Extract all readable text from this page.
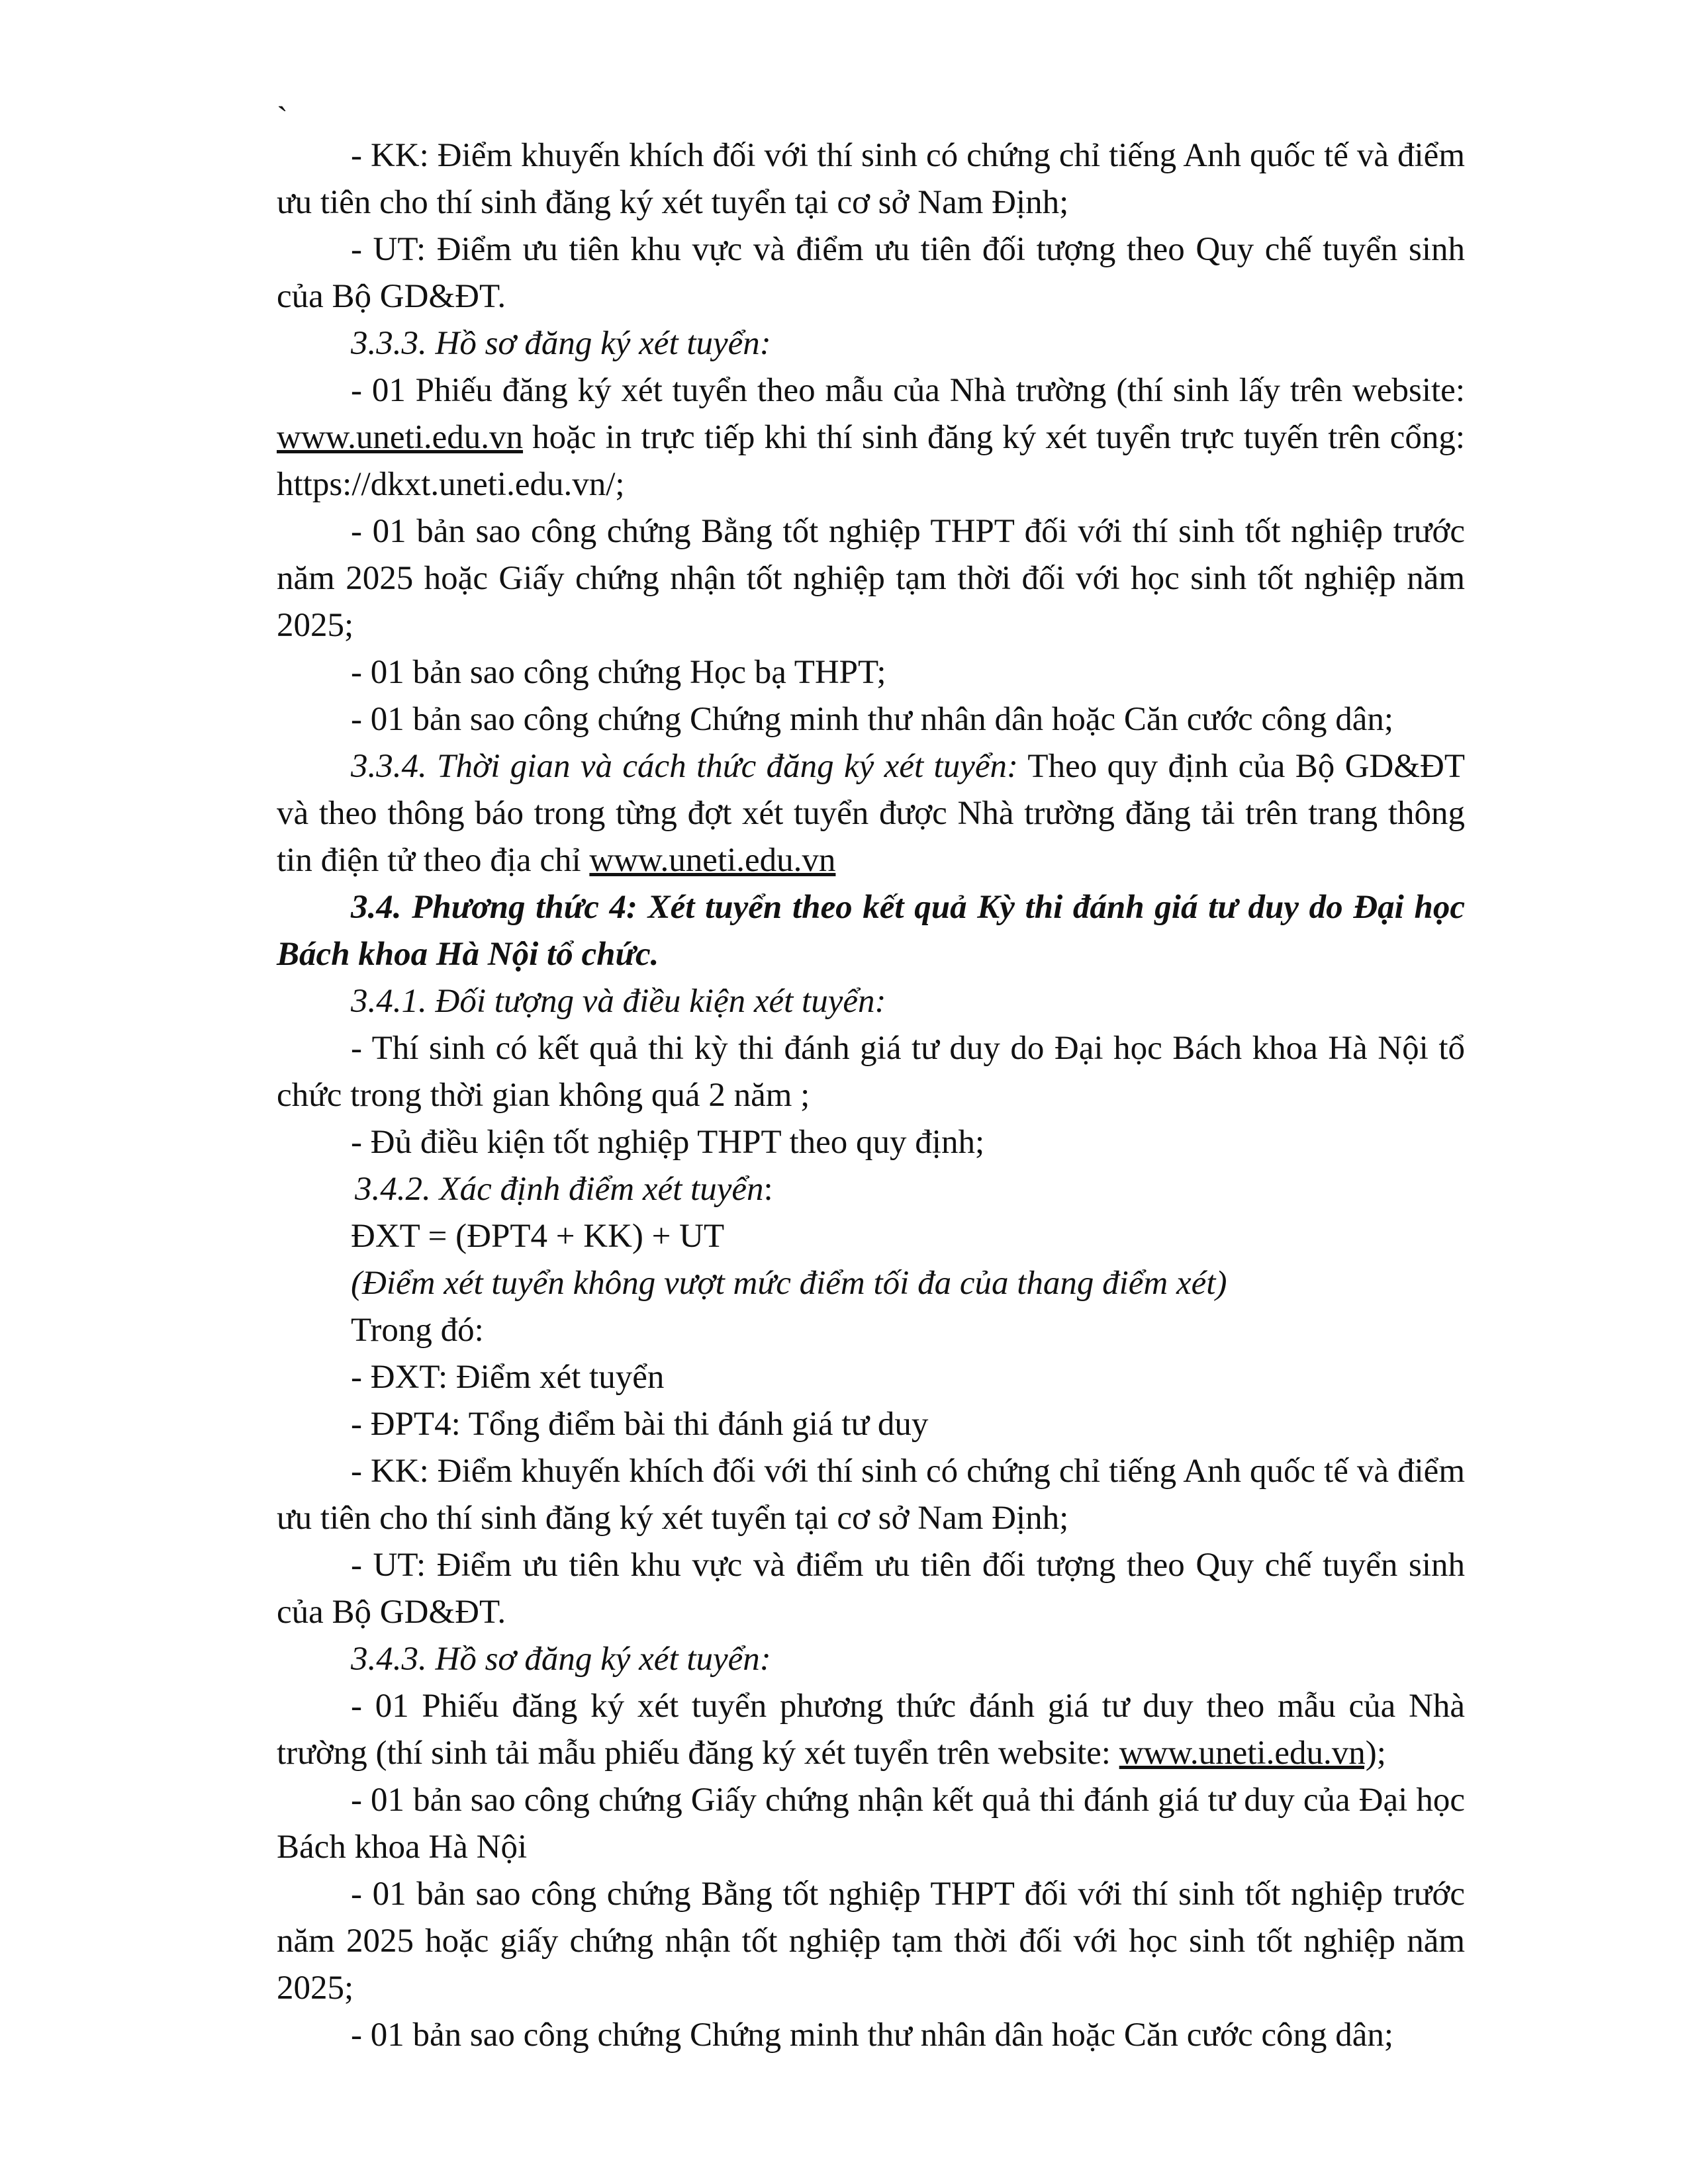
`

- KK: Điểm khuyến khích đối với thí sinh có chứng chỉ tiếng Anh quốc tế và điểm ưu tiên cho thí sinh đăng ký xét tuyển tại cơ sở Nam Định;

- UT: Điểm ưu tiên khu vực và điểm ưu tiên đối tượng theo Quy chế tuyển sinh của Bộ GD&ĐT.

3.3.3. Hồ sơ đăng ký xét tuyển:

- 01 Phiếu đăng ký xét tuyển theo mẫu của Nhà trường (thí sinh lấy trên website: www.uneti.edu.vn hoặc in trực tiếp khi thí sinh đăng ký xét tuyển trực tuyến trên cổng: https://dkxt.uneti.edu.vn/;

- 01 bản sao công chứng Bằng tốt nghiệp THPT đối với thí sinh tốt nghiệp trước năm 2025 hoặc Giấy chứng nhận tốt nghiệp tạm thời đối với học sinh tốt nghiệp năm 2025;

- 01 bản sao công chứng Học bạ THPT;

- 01 bản sao công chứng Chứng minh thư nhân dân hoặc Căn cước công dân;

3.3.4. Thời gian và cách thức đăng ký xét tuyển: Theo quy định của Bộ GD&ĐT và theo thông báo trong từng đợt xét tuyển được Nhà trường đăng tải trên trang thông tin điện tử theo địa chỉ www.uneti.edu.vn

3.4. Phương thức 4: Xét tuyển theo kết quả Kỳ thi đánh giá tư duy do Đại học Bách khoa Hà Nội tổ chức.

3.4.1. Đối tượng và điều kiện xét tuyển:

- Thí sinh có kết quả thi kỳ thi đánh giá tư duy do Đại học Bách khoa Hà Nội tổ chức trong thời gian không quá 2 năm ;

- Đủ điều kiện tốt nghiệp THPT theo quy định;

3.4.2. Xác định điểm xét tuyển:

ĐXT = (ĐPT4 + KK) + UT

(Điểm xét tuyển không vượt mức điểm tối đa của thang điểm xét)

Trong đó:

- ĐXT: Điểm xét tuyển

- ĐPT4: Tổng điểm bài thi đánh giá tư duy

- KK: Điểm khuyến khích đối với thí sinh có chứng chỉ tiếng Anh quốc tế và điểm ưu tiên cho thí sinh đăng ký xét tuyển tại cơ sở Nam Định;

- UT: Điểm ưu tiên khu vực và điểm ưu tiên đối tượng theo Quy chế tuyển sinh của Bộ GD&ĐT.

3.4.3. Hồ sơ đăng ký xét tuyển:

- 01 Phiếu đăng ký xét tuyển phương thức đánh giá tư duy theo mẫu của Nhà trường (thí sinh tải mẫu phiếu đăng ký xét tuyển trên website: www.uneti.edu.vn);

- 01 bản sao công chứng Giấy chứng nhận kết quả thi đánh giá tư duy của Đại học Bách khoa Hà Nội

- 01 bản sao công chứng Bằng tốt nghiệp THPT đối với thí sinh tốt nghiệp trước năm 2025 hoặc giấy chứng nhận tốt nghiệp tạm thời đối với học sinh tốt nghiệp năm 2025;

- 01 bản sao công chứng Chứng minh thư nhân dân hoặc Căn cước công dân;
